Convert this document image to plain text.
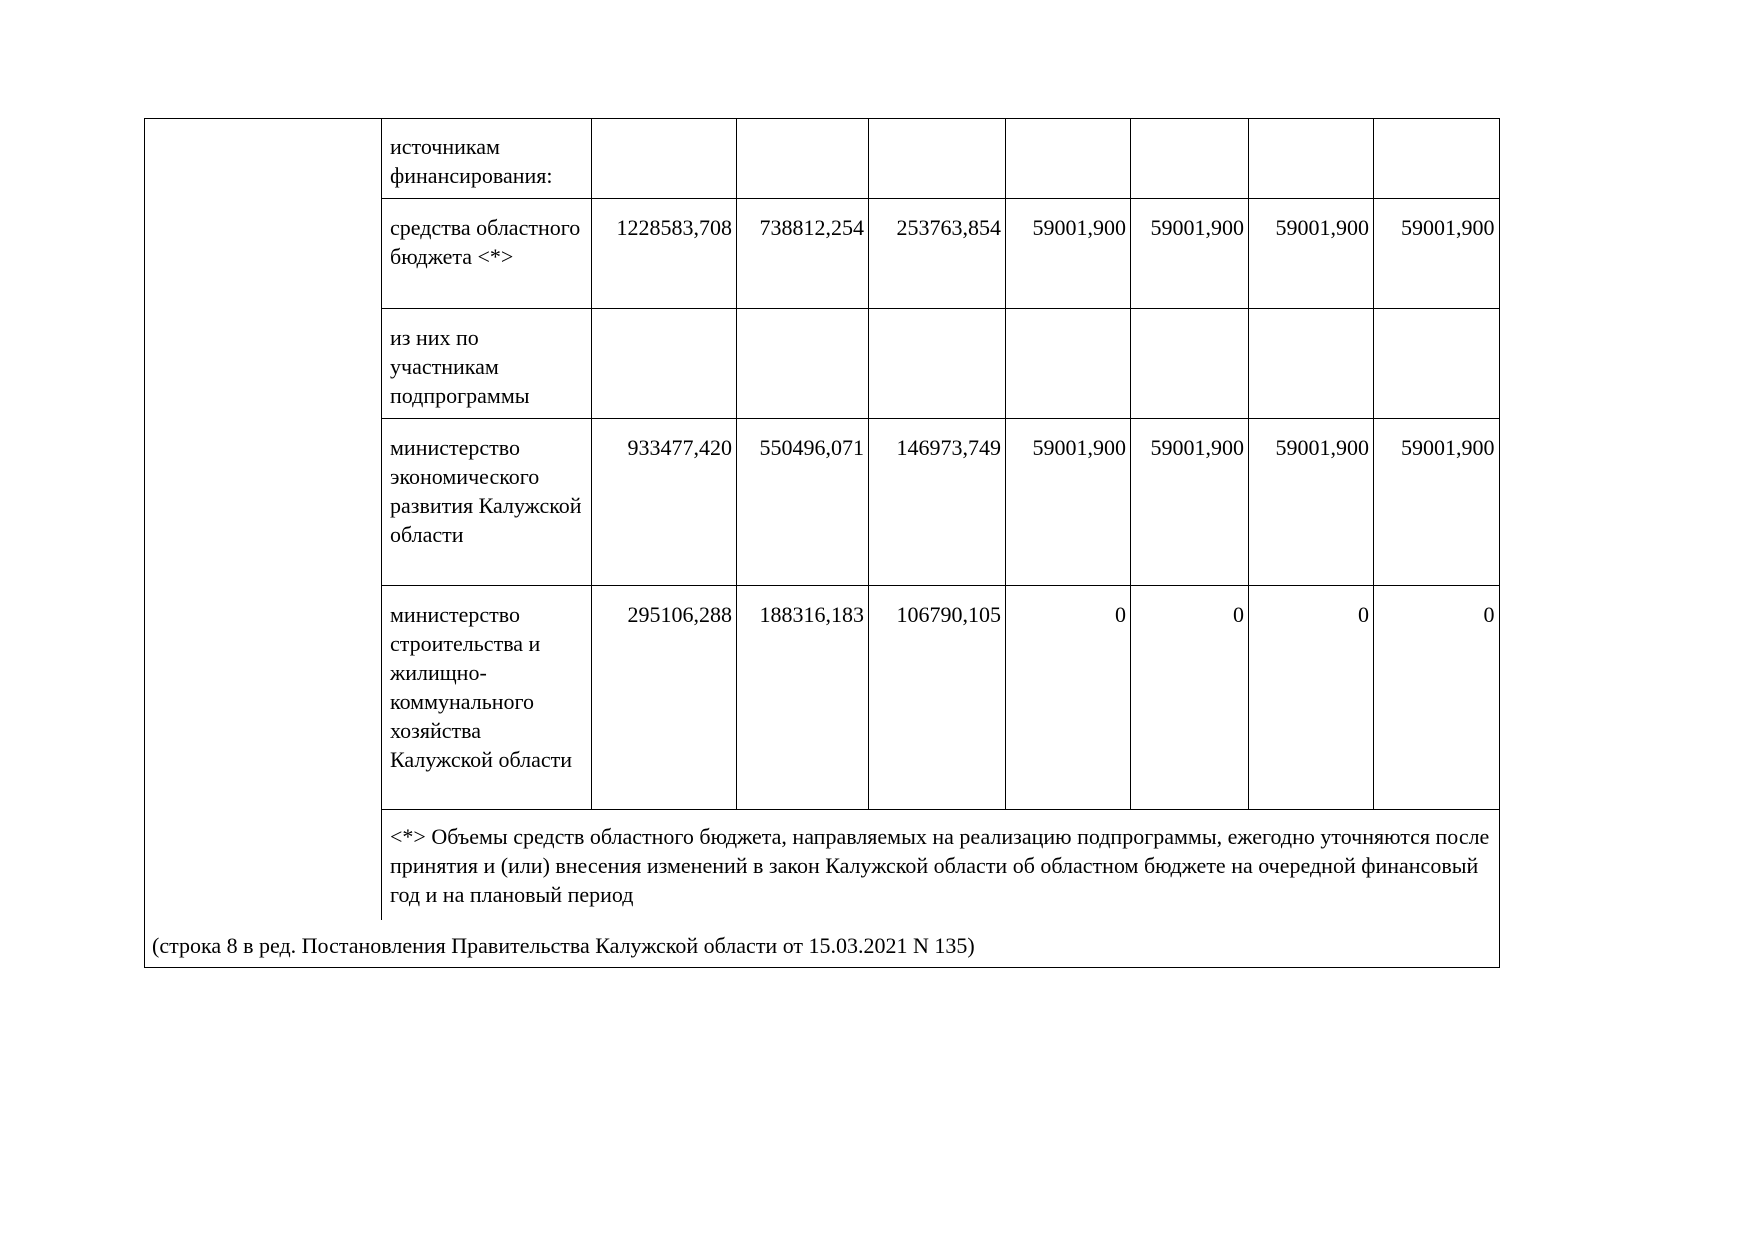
источникам финансирования:							
средства областного бюджета <*>	1228583,708	738812,254	253763,854	59001,900	59001,900	59001,900	59001,900
из них по участникам подпрограммы							
министерство экономического развития Калужской области	933477,420	550496,071	146973,749	59001,900	59001,900	59001,900	59001,900
министерство строительства и жилищно-коммунального хозяйства Калужской области	295106,288	188316,183	106790,105	0	0	0	0
<*> Объемы средств областного бюджета, направляемых на реализацию подпрограммы, ежегодно уточняются после принятия и (или) внесения изменений в закон Калужской области об областном бюджете на очередной финансовый год и на плановый период							
(строка 8 в ред. Постановления Правительства Калужской области от 15.03.2021 N 135)
